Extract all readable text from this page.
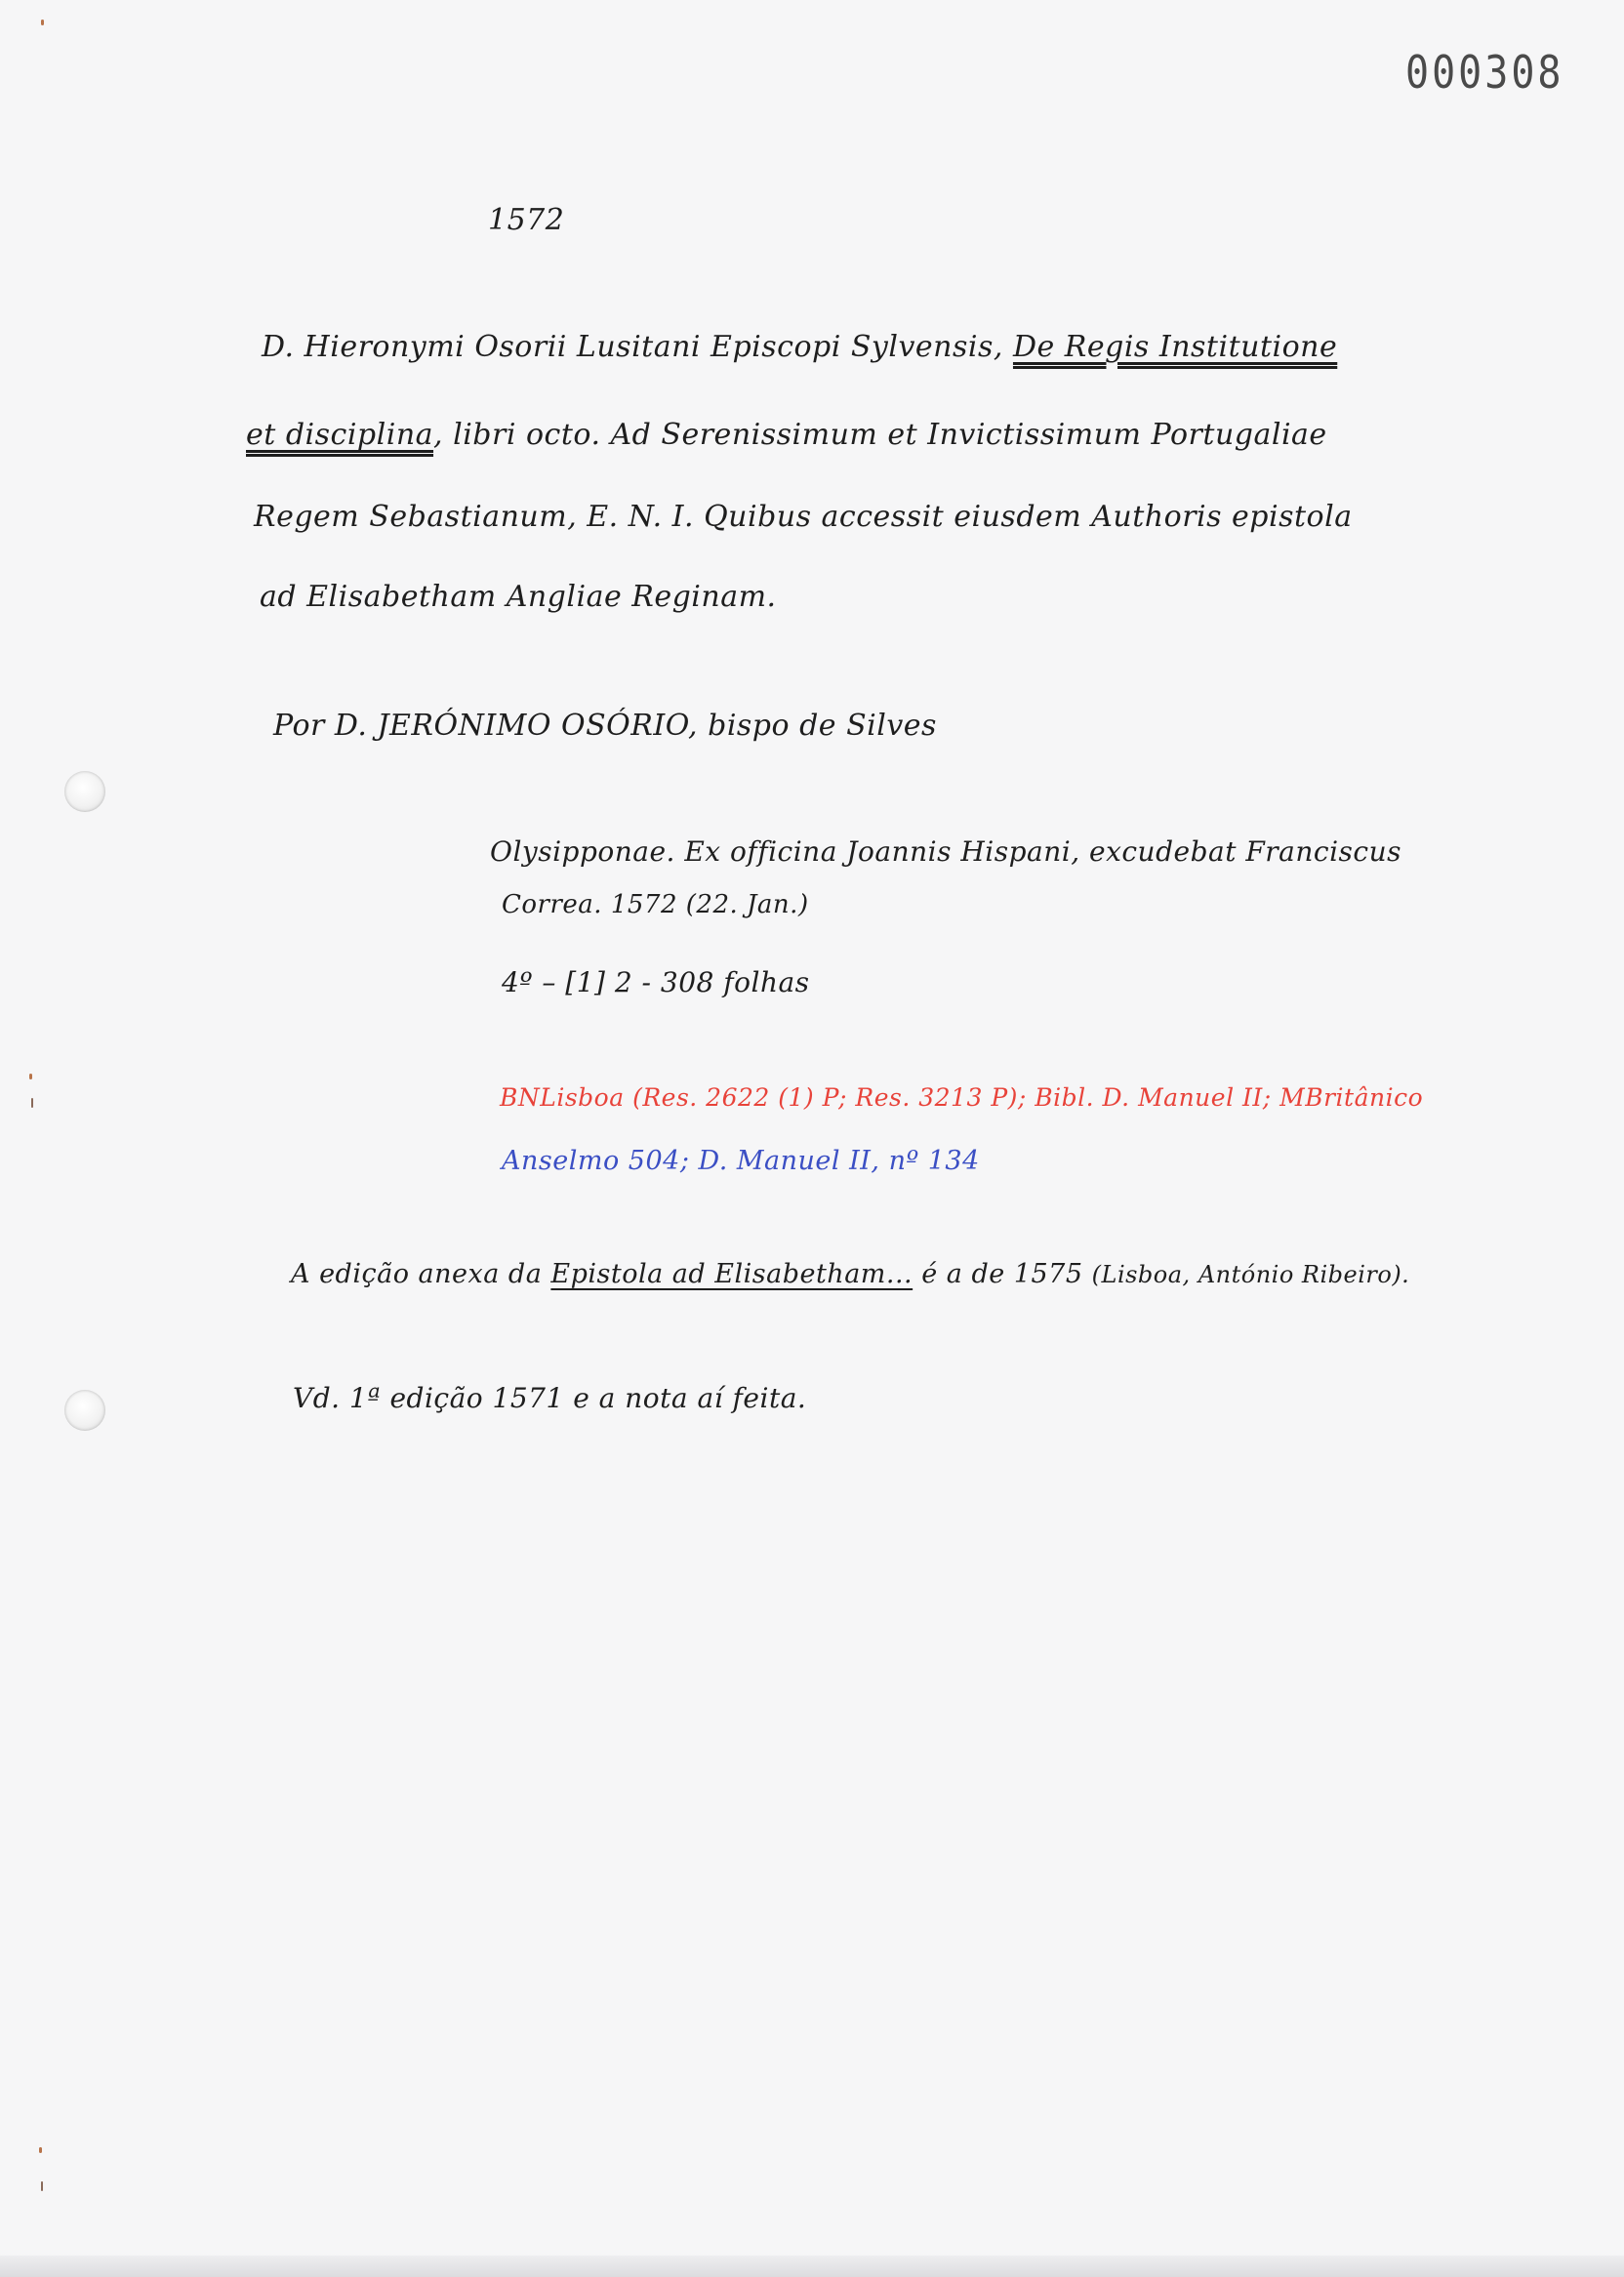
000308
1572
D. Hieronymi Osorii Lusitani Episcopi Sylvensis, De Regis Institutione
et disciplina, libri octo. Ad Serenissimum et Invictissimum Portugaliae
Regem Sebastianum, E. N. I. Quibus accessit eiusdem Authoris epistola
ad Elisabetham Angliae Reginam.
Por D. JERÓNIMO OSÓRIO, bispo de Silves
Olysipponae. Ex officina Joannis Hispani, excudebat Franciscus
Correa. 1572 (22. Jan.)
4º – [1] 2 - 308 folhas
BNLisboa (Res. 2622 (1) P; Res. 3213 P); Bibl. D. Manuel II; MBritânico
Anselmo 504; D. Manuel II, nº 134
A edição anexa da Epistola ad Elisabetham... é a de 1575 (Lisboa, António Ribeiro).
Vd. 1ª edição 1571 e a nota aí feita.
